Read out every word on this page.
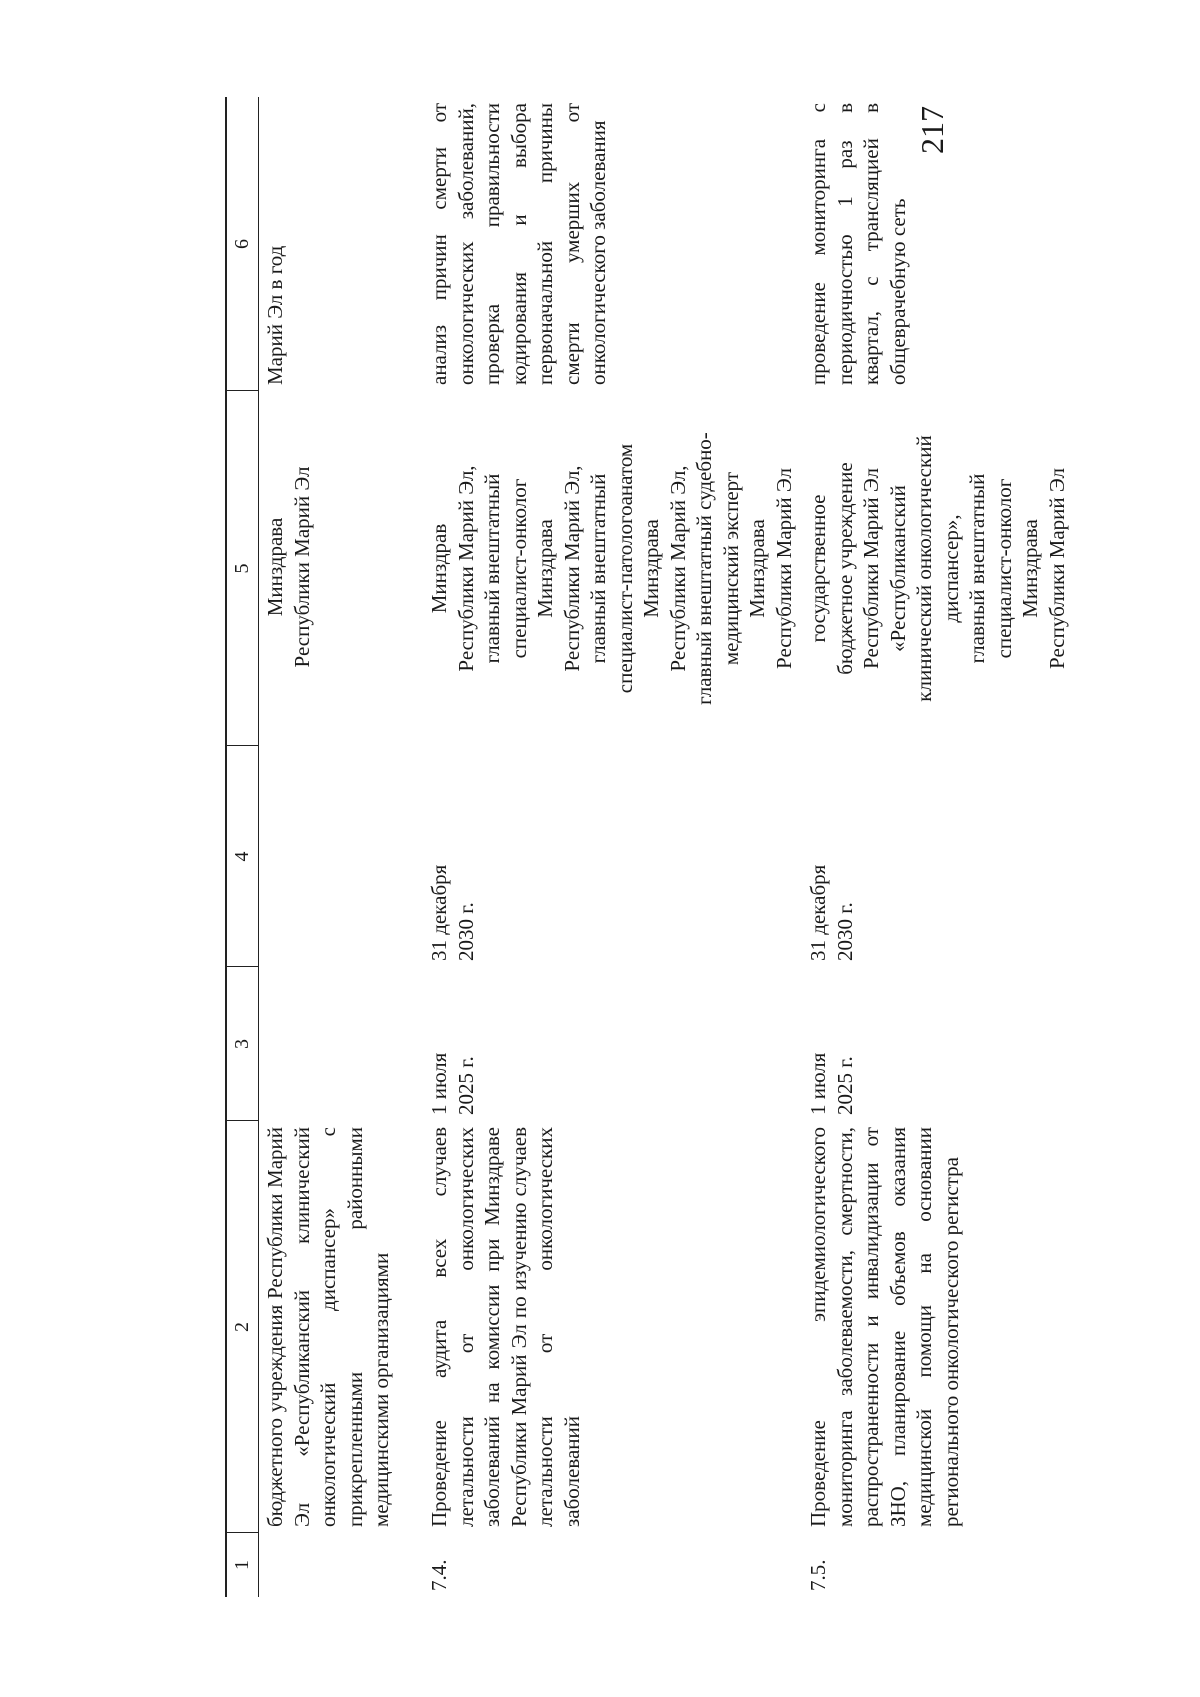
217
1
2
3
4
5
6
бюджетного учреждения Республики Марий Эл «Республиканский клинический онкологический диспансер» с прикрепленными районными медицинскими организациями
Минздрава Республики Марий Эл
Марий Эл в год
7.4.
Проведение аудита всех случаев летальности от онкологических заболеваний на комиссии при Минздраве Республики Марий Эл по изучению случаев летальности от онкологических заболеваний
1 июля 2025 г.
31 декабря 2030 г.
Минздрав Республики Марий Эл, главный внештатный специалист-онколог Минздрава Республики Марий Эл, главный внештатный специалист-патологоанатом Минздрава Республики Марий Эл, главный внештатный судебно- медицинский эксперт Минздрава Республики Марий Эл
анализ причин смерти от онкологических заболеваний, проверка правильности кодирования и выбора первоначальной причины смерти умерших от онкологического заболевания
7.5.
Проведение эпидемиологического мониторинга заболеваемости, смертности, распространенности и инвалидизации от ЗНО, планирование объемов оказания медицинской помощи на основании регионального онкологического регистра
1 июля 2025 г.
31 декабря 2030 г.
государственное бюджетное учреждение Республики Марий Эл «Республиканский клинический онкологический диспансер», главный внештатный специалист-онколог Минздрава Республики Марий Эл
проведение мониторинга с периодичностью 1 раз в квартал, с трансляцией в общеврачебную сеть
